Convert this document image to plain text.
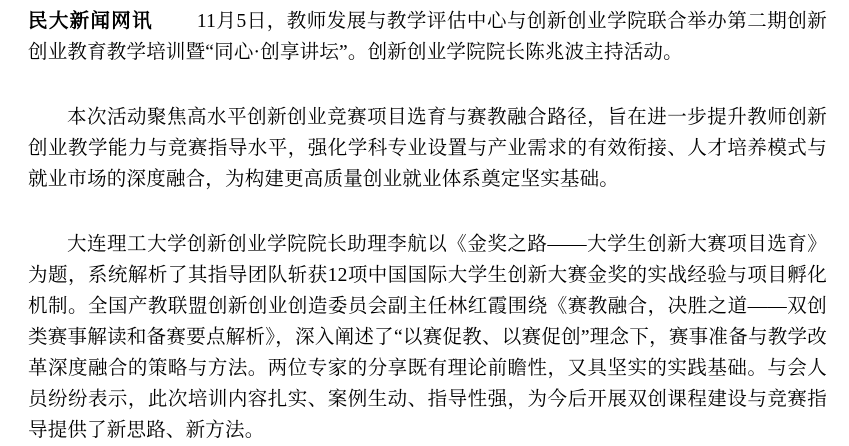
民大新闻网讯 11月5日，教师发展与教学评估中心与创新创业学院联合举办第二期创新创业教育教学培训暨“同心·创享讲坛”。创新创业学院院长陈兆波主持活动。

本次活动聚焦高水平创新创业竞赛项目选育与赛教融合路径，旨在进一步提升教师创新创业教学能力与竞赛指导水平，强化学科专业设置与产业需求的有效衔接、人才培养模式与就业市场的深度融合，为构建更高质量创业就业体系奠定坚实基础。

大连理工大学创新创业学院院长助理李航以《金奖之路——大学生创新大赛项目选育》为题，系统解析了其指导团队斩获12项中国国际大学生创新大赛金奖的实战经验与项目孵化机制。全国产教联盟创新创业创造委员会副主任林红霞围绕《赛教融合，决胜之道——双创类赛事解读和备赛要点解析》，深入阐述了“以赛促教、以赛促创”理念下，赛事准备与教学改革深度融合的策略与方法。两位专家的分享既有理论前瞻性，又具坚实的实践基础。与会人员纷纷表示，此次培训内容扎实、案例生动、指导性强，为今后开展双创课程建设与竞赛指导提供了新思路、新方法。
